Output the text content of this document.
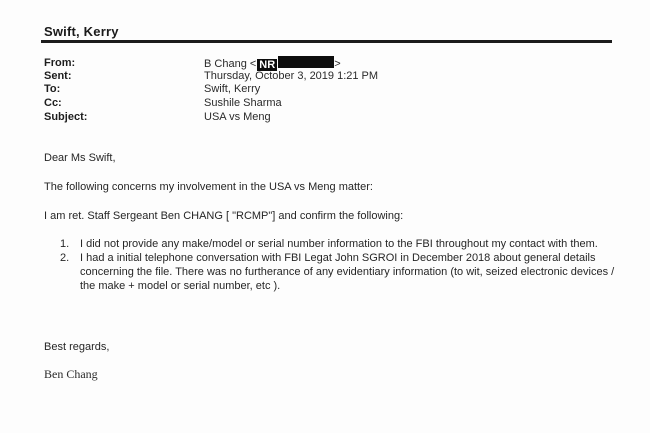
Swift, Kerry
From:	B Chang < NR	>
Sent:	Thursday, October 3, 2019 1:21 PM
To:	Swift, Kerry
Cc:	Sushile Sharma
Subject:	USA vs Meng
Dear Ms Swift,
The following concerns my involvement in the USA vs Meng matter:
I am ret. Staff Sergeant Ben CHANG [ "RCMP"] and confirm the following:
1. I did not provide any make/model or serial number information to the FBI throughout my contact with them.
2. I had a initial telephone conversation with FBI Legat John SGROI in December 2018 about general details
concerning the file. There was no furtherance of any evidentiary information (to wit, seized electronic devices /
the make + model or serial number, etc ).
Best regards,
Ben Chang
